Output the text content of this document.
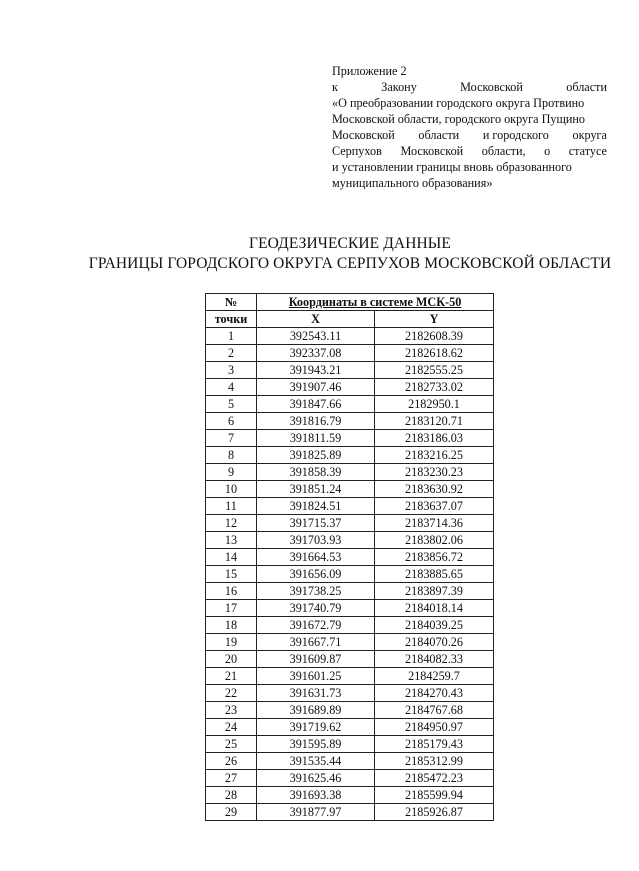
Приложение 2
к	Закону	Московской	области
«О преобразовании городского округа Протвино
Московской области, городского округа Пущино
Московской области и городского округа
Серпухов Московской области, о статусе
и установлении границы вновь образованного
муниципального образования»
ГЕОДЕЗИЧЕСКИЕ ДАННЫЕ
ГРАНИЦЫ ГОРОДСКОГО ОКРУГА СЕРПУХОВ МОСКОВСКОЙ ОБЛАСТИ
№	Координаты в системе МСК-50	
точки	X	Y
1	392543.11	2182608.39
2	392337.08	2182618.62
3	391943.21	2182555.25
4	391907.46	2182733.02
5	391847.66	2182950.1
6	391816.79	2183120.71
7	391811.59	2183186.03
8	391825.89	2183216.25
9	391858.39	2183230.23
10	391851.24	2183630.92
11	391824.51	2183637.07
12	391715.37	2183714.36
13	391703.93	2183802.06
14	391664.53	2183856.72
15	391656.09	2183885.65
16	391738.25	2183897.39
17	391740.79	2184018.14
18	391672.79	2184039.25
19	391667.71	2184070.26
20	391609.87	2184082.33
21	391601.25	2184259.7
22	391631.73	2184270.43
23	391689.89	2184767.68
24	391719.62	2184950.97
25	391595.89	2185179.43
26	391535.44	2185312.99
27	391625.46	2185472.23
28	391693.38	2185599.94
29	391877.97	2185926.87
